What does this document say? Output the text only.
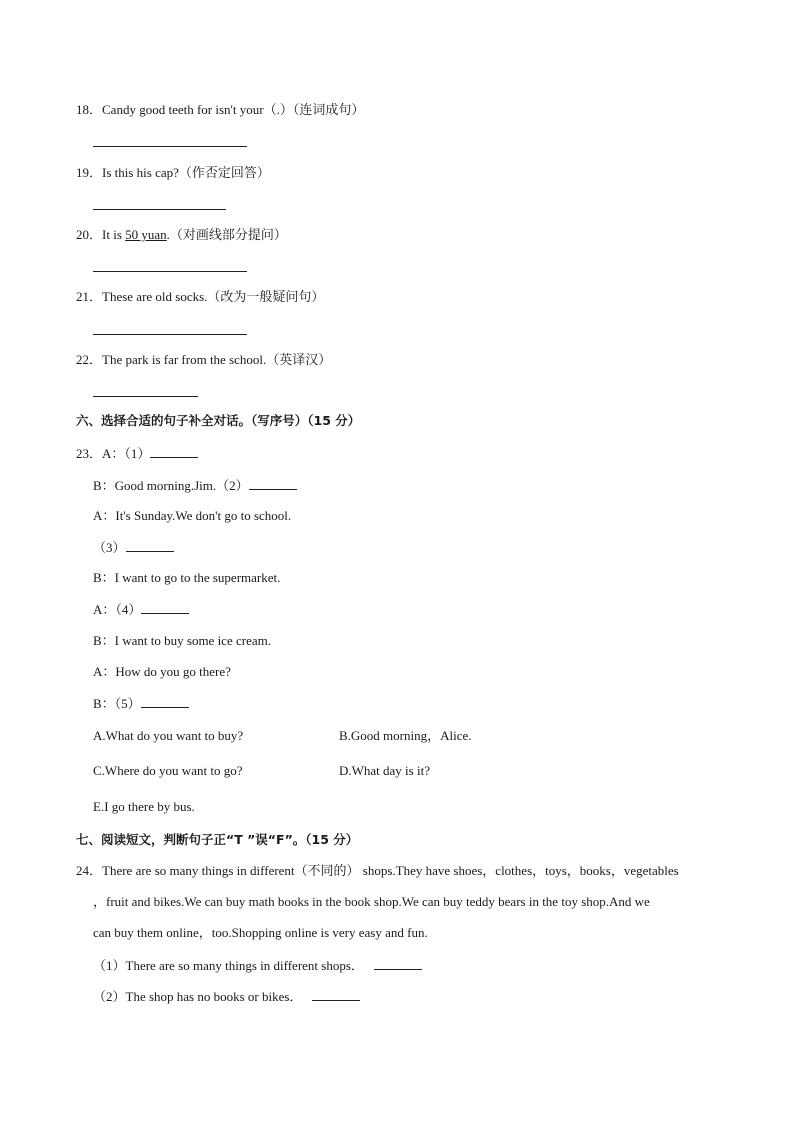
18．Candy good teeth for isn't your（.）（连词成句）
19．Is this his cap?（作否定回答）
20．It is 50 yuan.（对画线部分提问）
21．These are old socks.（改为一般疑问句）
22．The park is far from the school.（英译汉）
六、选择合适的句子补全对话。（写序号）（15 分）
23．A：（1）
B：Good morning.Jim.（2）
A：It's Sunday.We don't go to school.
（3）
B：I want to go to the supermarket.
A：（4）
B：I want to buy some ice cream.
A：How do you go there?
B：（5）
A.What do you want to buy?	B.Good morning，Alice.
C.Where do you want to go?	D.What day is it?
E.I go there by bus.
七、阅读短文，判断句子正“T ”误“F”。（15 分）
24．There are so many things in different（不同的） shops.They have shoes，clothes，toys，books，vegetables
，fruit and bikes.We can buy math books in the book shop.We can buy teddy bears in the toy shop.And we
can buy them online，too.Shopping online is very easy and fun.
（1）There are so many things in different shops．
（2）The shop has no books or bikes．
